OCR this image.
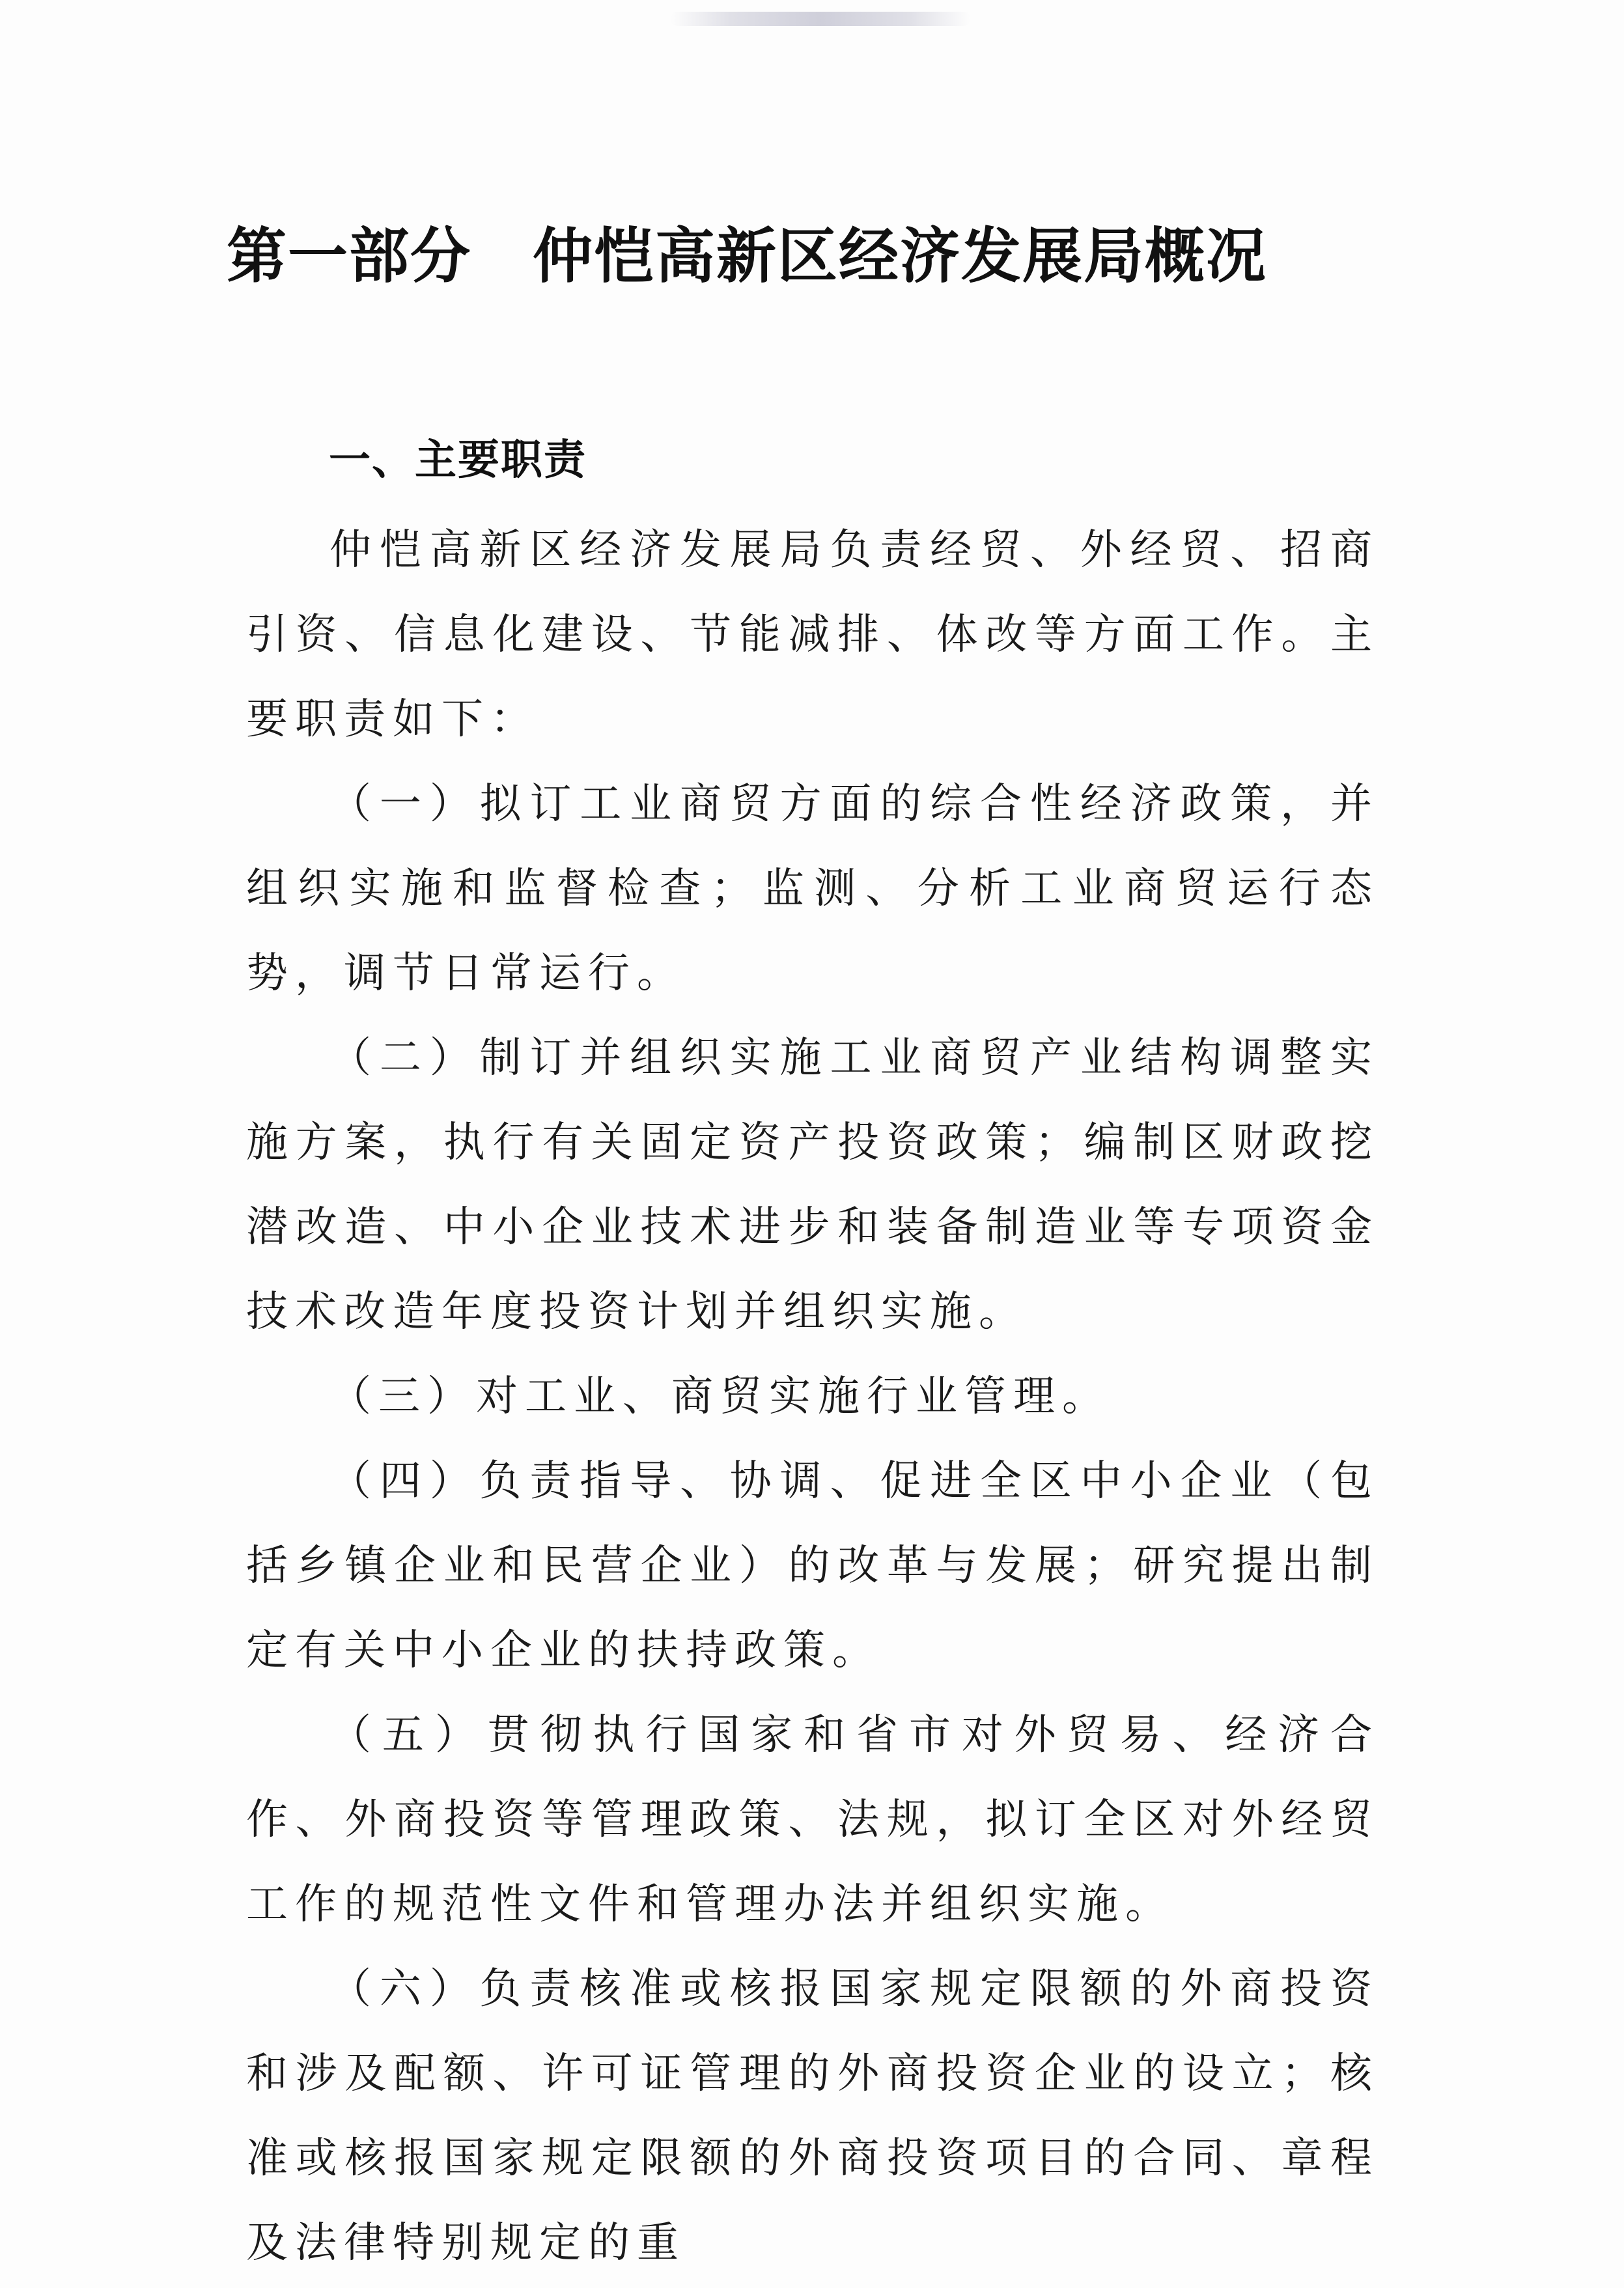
第一部分　仲恺高新区经济发展局概况
一、主要职责

仲恺高新区经济发展局负责经贸、外经贸、招商引资、信息化建设、节能减排、体改等方面工作。主要职责如下：

（一）拟订工业商贸方面的综合性经济政策，并组织实施和监督检查；监测、分析工业商贸运行态势，调节日常运行。

（二）制订并组织实施工业商贸产业结构调整实施方案，执行有关固定资产投资政策；编制区财政挖潜改造、中小企业技术进步和装备制造业等专项资金技术改造年度投资计划并组织实施。

（三）对工业、商贸实施行业管理。

（四）负责指导、协调、促进全区中小企业（包括乡镇企业和民营企业）的改革与发展；研究提出制定有关中小企业的扶持政策。

（五）贯彻执行国家和省市对外贸易、经济合作、外商投资等管理政策、法规，拟订全区对外经贸工作的规范性文件和管理办法并组织实施。

（六）负责核准或核报国家规定限额的外商投资和涉及配额、许可证管理的外商投资企业的设立；核准或核报国家规定限额的外商投资项目的合同、章程及法律特别规定的重
